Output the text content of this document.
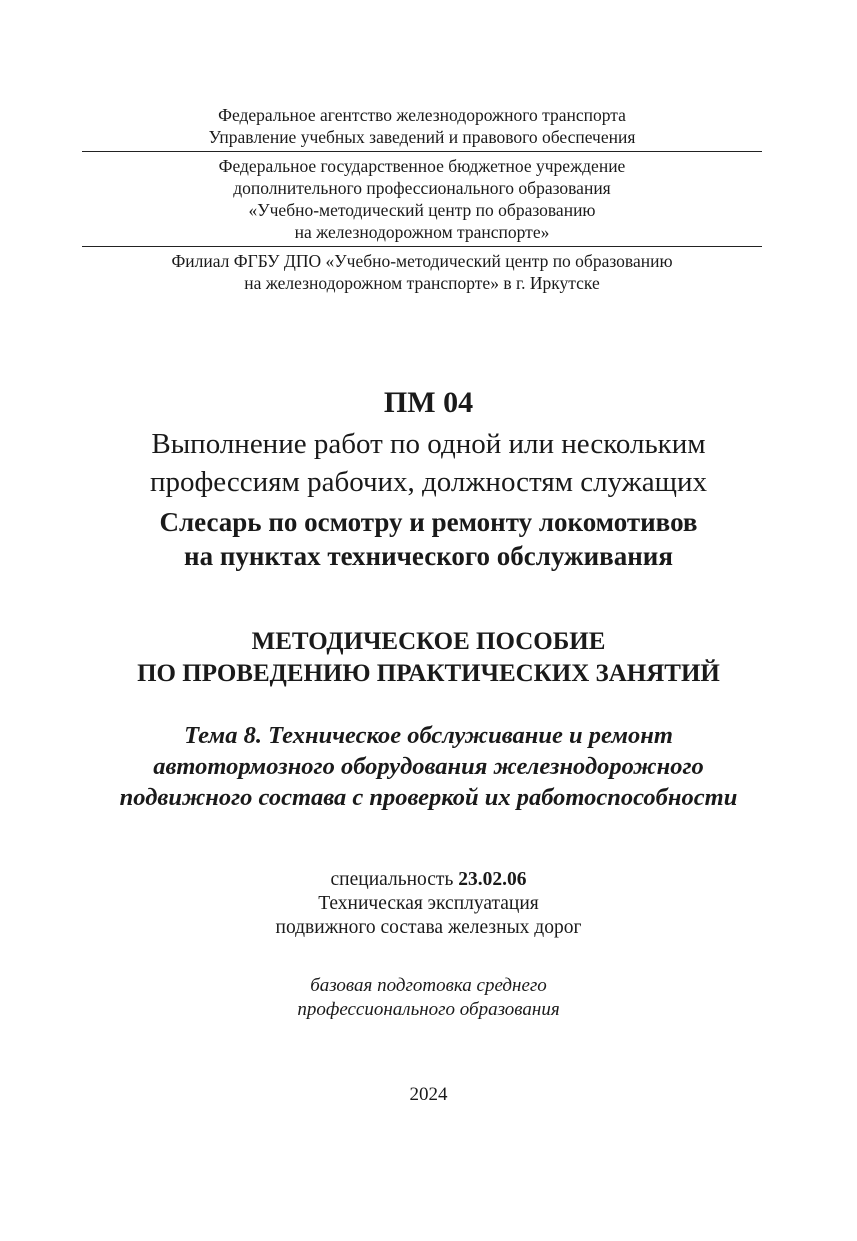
Федеральное агентство железнодорожного транспорта
Управление учебных заведений и правового обеспечения
Федеральное государственное бюджетное учреждение
дополнительного профессионального образования
«Учебно-методический центр по образованию
на железнодорожном транспорте»
Филиал ФГБУ ДПО «Учебно-методический центр по образованию
на железнодорожном транспорте» в г. Иркутске
ПМ 04
Выполнение работ по одной или нескольким
профессиям рабочих, должностям служащих
Слесарь по осмотру и ремонту локомотивов
на пунктах технического обслуживания
МЕТОДИЧЕСКОЕ ПОСОБИЕ
ПО ПРОВЕДЕНИЮ ПРАКТИЧЕСКИХ ЗАНЯТИЙ
Тема 8. Техническое обслуживание и ремонт
автотормозного оборудования железнодорожного
подвижного состава с проверкой их работоспособности
специальность 23.02.06
Техническая эксплуатация
подвижного состава железных дорог
базовая подготовка среднего
профессионального образования
2024
